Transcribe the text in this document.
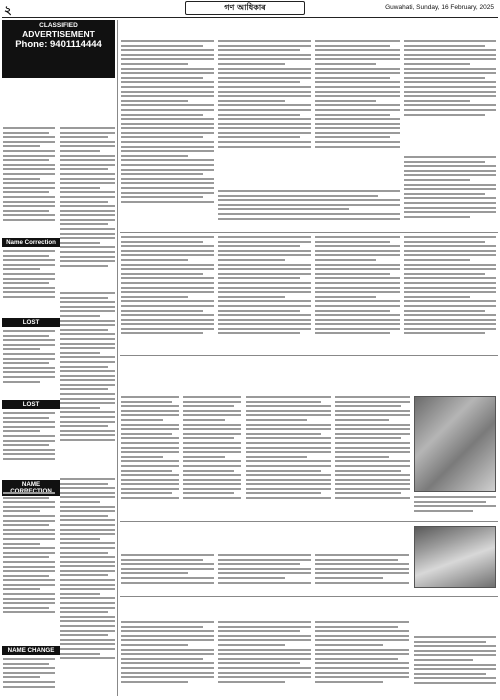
২	গণ আধিকাৰ	Guwahati, Sunday, 16 February, 2025
CLASSIFIED
ADVERTISEMENT
Phone: 9401114444
Name Correction
LOST
LOST
NAME
NAME CHANGE
